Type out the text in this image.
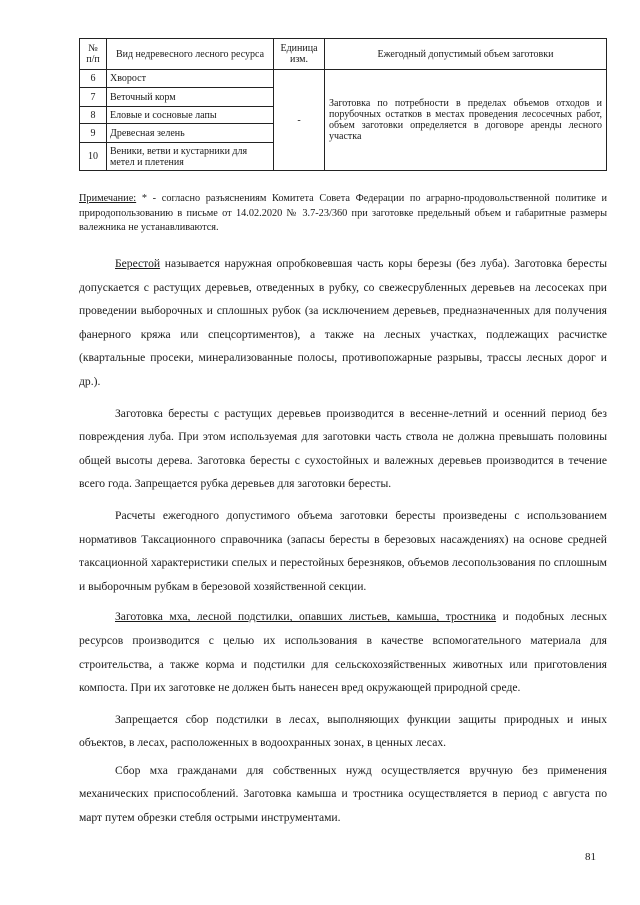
№ п/п	Вид недревесного лесного ресурса	Единица изм.	Ежегодный допустимый объем заготовки
6	Хворост	-	Заготовка по потребности в пределах объемов отходов и порубочных остатков в местах проведения лесосечных работ, объем заготовки определяется в договоре аренды лесного участка
7	Веточный корм		
8	Еловые и сосновые лапы		
9	Древесная зелень		
10	Веники, ветви и кустарники для метел и плетения		
Примечание: * - согласно разъяснениям Комитета Совета Федерации по аграрно-продовольственной политике и природопользованию в письме от 14.02.2020 № 3.7-23/360 при заготовке предельный объем и габаритные размеры валежника не устанавливаются.

Берестой называется наружная опробковевшая часть коры березы (без луба). Заготовка бересты допускается с растущих деревьев, отведенных в рубку, со свежесрубленных деревьев на лесосеках при проведении выборочных и сплошных рубок (за исключением деревьев, предназначенных для получения фанерного кряжа или спецсортиментов), а также на лесных участках, подлежащих расчистке (квартальные просеки, минерализованные полосы, противопожарные разрывы, трассы лесных дорог и др.).

Заготовка бересты с растущих деревьев производится в весенне-летний и осенний период без повреждения луба. При этом используемая для заготовки часть ствола не должна превышать половины общей высоты дерева. Заготовка бересты с сухостойных и валежных деревьев производится в течение всего года. Запрещается рубка деревьев для заготовки бересты.

Расчеты ежегодного допустимого объема заготовки бересты произведены с использованием нормативов Таксационного справочника (запасы бересты в березовых насаждениях) на основе средней таксационной характеристики спелых и перестойных березняков, объемов лесопользования по сплошным и выборочным рубкам в березовой хозяйственной секции.

Заготовка мха, лесной подстилки, опавших листьев, камыша, тростника и подобных лесных ресурсов производится с целью их использования в качестве вспомогательного материала для строительства, а также корма и подстилки для сельскохозяйственных животных или приготовления компоста. При их заготовке не должен быть нанесен вред окружающей природной среде.

Запрещается сбор подстилки в лесах, выполняющих функции защиты природных и иных объектов, в лесах, расположенных в водоохранных зонах, в ценных лесах.

Сбор мха гражданами для собственных нужд осуществляется вручную без применения механических приспособлений. Заготовка камыша и тростника осуществляется в период с августа по март путем обрезки стебля острыми инструментами.

81
